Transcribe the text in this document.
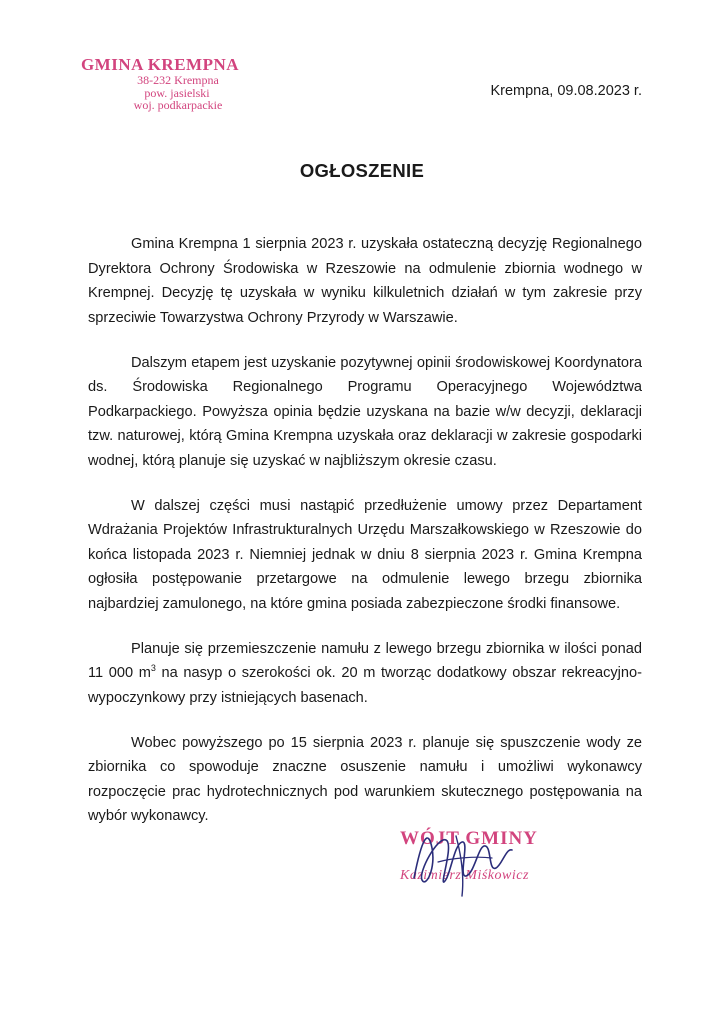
GMINA KREMPNA
38-232 Krempna
pow. jasielski
woj. podkarpackie
Krempna, 09.08.2023 r.
OGŁOSZENIE

Gmina Krempna 1 sierpnia 2023 r. uzyskała ostateczną decyzję Regionalnego Dyrektora Ochrony Środowiska w Rzeszowie na odmulenie zbiornia wodnego w Krempnej. Decyzję tę uzyskała w wyniku kilkuletnich działań w tym zakresie przy sprzeciwie Towarzystwa Ochrony Przyrody w Warszawie.

Dalszym etapem jest uzyskanie pozytywnej opinii środowiskowej Koordynatora ds. Środowiska Regionalnego Programu Operacyjnego Województwa Podkarpackiego. Powyższa opinia będzie uzyskana na bazie w/w decyzji, deklaracji tzw. naturowej, którą Gmina Krempna uzyskała oraz deklaracji w zakresie gospodarki wodnej, którą planuje się uzyskać w najbliższym okresie czasu.

W dalszej części musi nastąpić przedłużenie umowy przez Departament Wdrażania Projektów Infrastrukturalnych Urzędu Marszałkowskiego w Rzeszowie do końca listopada 2023 r. Niemniej jednak w dniu 8 sierpnia 2023 r. Gmina Krempna ogłosiła postępowanie przetargowe na odmulenie lewego brzegu zbiornika najbardziej zamulonego, na które gmina posiada zabezpieczone środki finansowe.

Planuje się przemieszczenie namułu z lewego brzegu zbiornika w ilości ponad 11 000 $m^3$ na nasyp o szerokości ok. 20 m tworząc dodatkowy obszar rekreacyjno-wypoczynkowy przy istniejących basenach.

Wobec powyższego po 15 sierpnia 2023 r. planuje się spuszczenie wody ze zbiornika co spowoduje znaczne osuszenie namułu i umożliwi wykonawcy rozpoczęcie prac hydrotechnicznych pod warunkiem skutecznego postępowania na wybór wykonawcy.

WÓJT GMINY
Kazimierz Miśkowicz
